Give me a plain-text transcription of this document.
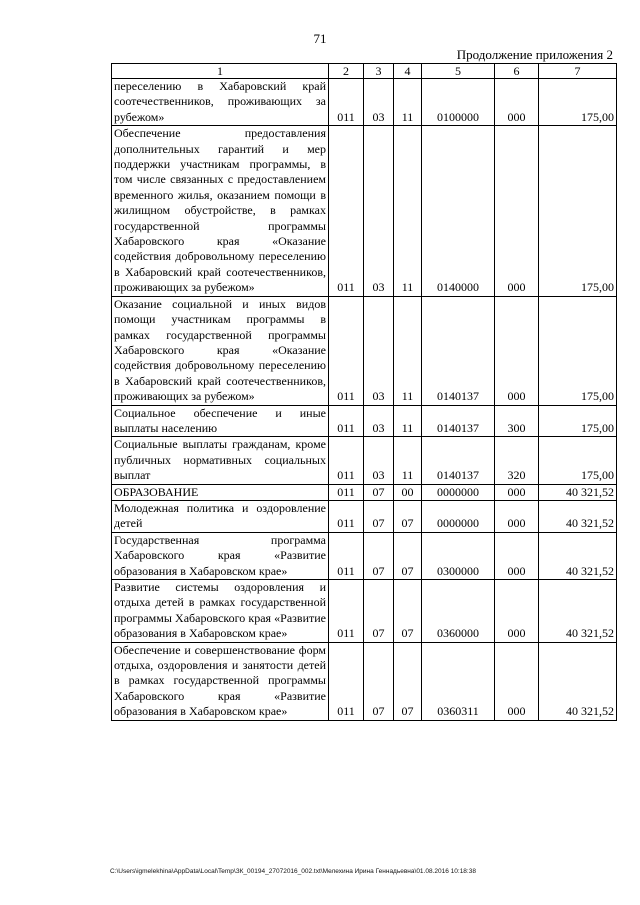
71
Продолжение приложения 2
1	2	3	4	5	6	7
переселению в Хабаровский край соотечественников, проживающих за рубежом»	011	03	11	0100000	000	175,00
Обеспечение предоставления дополнительных гарантий и мер поддержки участникам программы, в том числе связанных с предоставлением временного жилья, оказанием помощи в жилищном обустройстве, в рамках государственной программы Хабаровского края «Оказание содействия добровольному переселению в Хабаровский край соотечественников, проживающих за рубежом»	011	03	11	0140000	000	175,00
Оказание социальной и иных видов помощи участникам программы в рамках государственной программы Хабаровского края «Оказание содействия добровольному переселению в Хабаровский край соотечественников, проживающих за рубежом»	011	03	11	0140137	000	175,00
Социальное обеспечение и иные выплаты населению	011	03	11	0140137	300	175,00
Социальные выплаты гражданам, кроме публичных нормативных социальных выплат	011	03	11	0140137	320	175,00
ОБРАЗОВАНИЕ	011	07	00	0000000	000	40 321,52
Молодежная политика и оздоровление детей	011	07	07	0000000	000	40 321,52
Государственная программа Хабаровского края «Развитие образования в Хабаровском крае»	011	07	07	0300000	000	40 321,52
Развитие системы оздоровления и отдыха детей в рамках государственной программы Хабаровского края «Развитие образования в Хабаровском крае»	011	07	07	0360000	000	40 321,52
Обеспечение и совершенствование форм отдыха, оздоровления и занятости детей в рамках государственной программы Хабаровского края «Развитие образования в Хабаровском крае»	011	07	07	0360311	000	40 321,52
C:\Users\igmelekhina\AppData\Local\Temp\ЗК_00194_27072016_002.txt\Мелехина Ирина Геннадьевна\01.08.2016 10:18:38
